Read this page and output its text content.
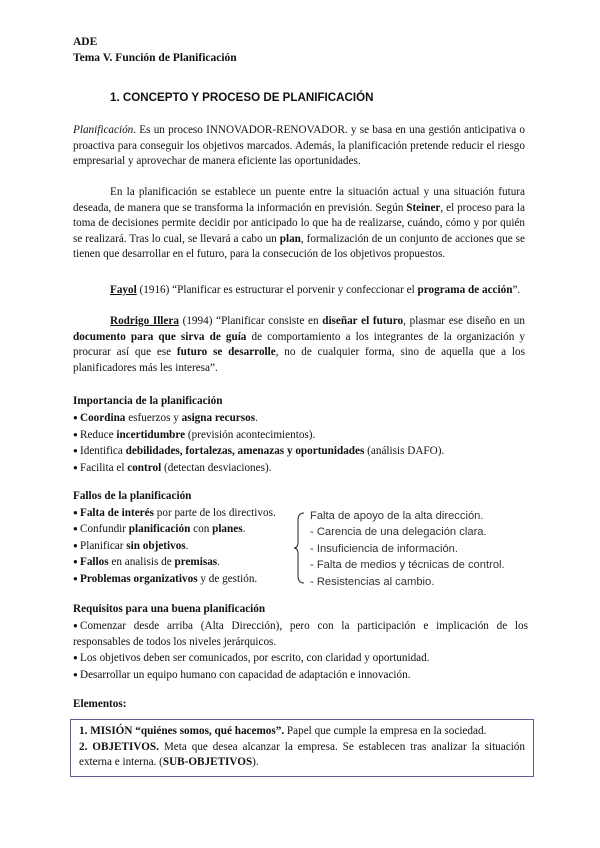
ADE
Tema V. Función de Planificación
1. CONCEPTO Y PROCESO DE PLANIFICACIÓN
Planificación. Es un proceso INNOVADOR-RENOVADOR. y se basa en una gestión anticipativa o proactiva para conseguir los objetivos marcados. Además, la planificación pretende reducir el riesgo empresarial y aprovechar de manera eficiente las oportunidades.
En la planificación se establece un puente entre la situación actual y una situación futura deseada, de manera que se transforma la información en previsión. Según Steiner, el proceso para la toma de decisiones permite decidir por anticipado lo que ha de realizarse, cuándo, cómo y por quién se realizará. Tras lo cual, se llevará a cabo un plan, formalización de un conjunto de acciones que se tienen que desarrollar en el futuro, para la consecución de los objetivos propuestos.
Fayol (1916) “Planificar es estructurar el porvenir y confeccionar el programa de acción”.
Rodrigo Illera (1994) “Planificar consiste en diseñar el futuro, plasmar ese diseño en un documento para que sirva de guía de comportamiento a los integrantes de la organización y procurar así que ese futuro se desarrolle, no de cualquier forma, sino de aquella que a los planificadores más les interesa”.
Importancia de la planificación
● Coordina esfuerzos y asigna recursos.
● Reduce incertidumbre (previsión acontecimientos).
● Identifica debilidades, fortalezas, amenazas y oportunidades (análisis DAFO).
● Facilita el control (detectan desviaciones).
Fallos de la planificación
● Falta de interés por parte de los directivos.
● Confundir planificación con planes.
● Planificar sin objetivos.
● Fallos en analisis de premisas.
● Problemas organizativos y de gestión.
Falta de apoyo de la alta dirección.
- Carencia de una delegación clara.
- Insuficiencia de información.
- Falta de medios y técnicas de control.
- Resistencias al cambio.
Requisitos para una buena planificación
● Comenzar desde arriba (Alta Dirección), pero con la participación e implicación de los responsables de todos los niveles jerárquicos.
● Los objetivos deben ser comunicados, por escrito, con claridad y oportunidad.
● Desarrollar un equipo humano con capacidad de adaptación e innovación.
Elementos:
1. MISIÓN “quiénes somos, qué hacemos”. Papel que cumple la empresa en la sociedad.
2. OBJETIVOS. Meta que desea alcanzar la empresa. Se establecen tras analizar la situación externa e interna. (SUB-OBJETIVOS).
